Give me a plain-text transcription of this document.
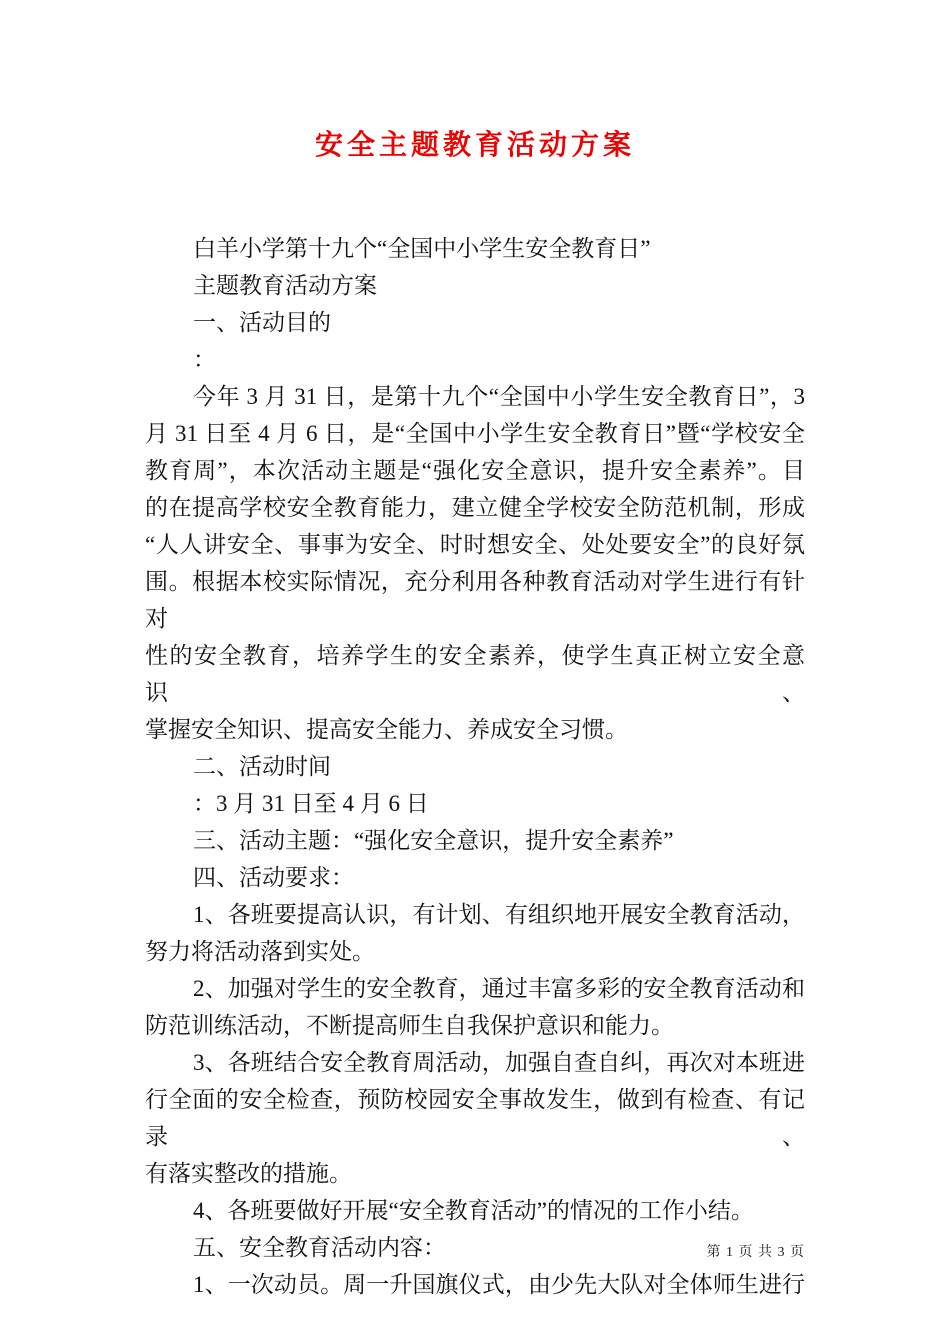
安全主题教育活动方案
白羊小学第十九个“全国中小学生安全教育日”
主题教育活动方案
一、活动目的
：
今年 3 月 31 日，是第十九个“全国中小学生安全教育日”，3
月 31 日至 4 月 6 日，是“全国中小学生安全教育日”暨“学校安全
教育周”，本次活动主题是“强化安全意识，提升安全素养”。目
的在提高学校安全教育能力，建立健全学校安全防范机制，形成
“人人讲安全、事事为安全、时时想安全、处处要安全”的良好氛
围。根据本校实际情况，充分利用各种教育活动对学生进行有针对
性的安全教育，培养学生的安全素养，使学生真正树立安全意识、
掌握安全知识、提高安全能力、养成安全习惯。
二、活动时间
：3 月 31 日至 4 月 6 日
三、活动主题：“强化安全意识，提升安全素养”
四、活动要求：
1、各班要提高认识，有计划、有组织地开展安全教育活动，
努力将活动落到实处。
2、加强对学生的安全教育，通过丰富多彩的安全教育活动和
防范训练活动，不断提高师生自我保护意识和能力。
3、各班结合安全教育周活动，加强自查自纠，再次对本班进
行全面的安全检查，预防校园安全事故发生，做到有检查、有记录、
有落实整改的措施。
4、各班要做好开展“安全教育活动”的情况的工作小结。
五、安全教育活动内容：
1、一次动员。周一升国旗仪式，由少先大队对全体师生进行
第 1 页 共 3 页
